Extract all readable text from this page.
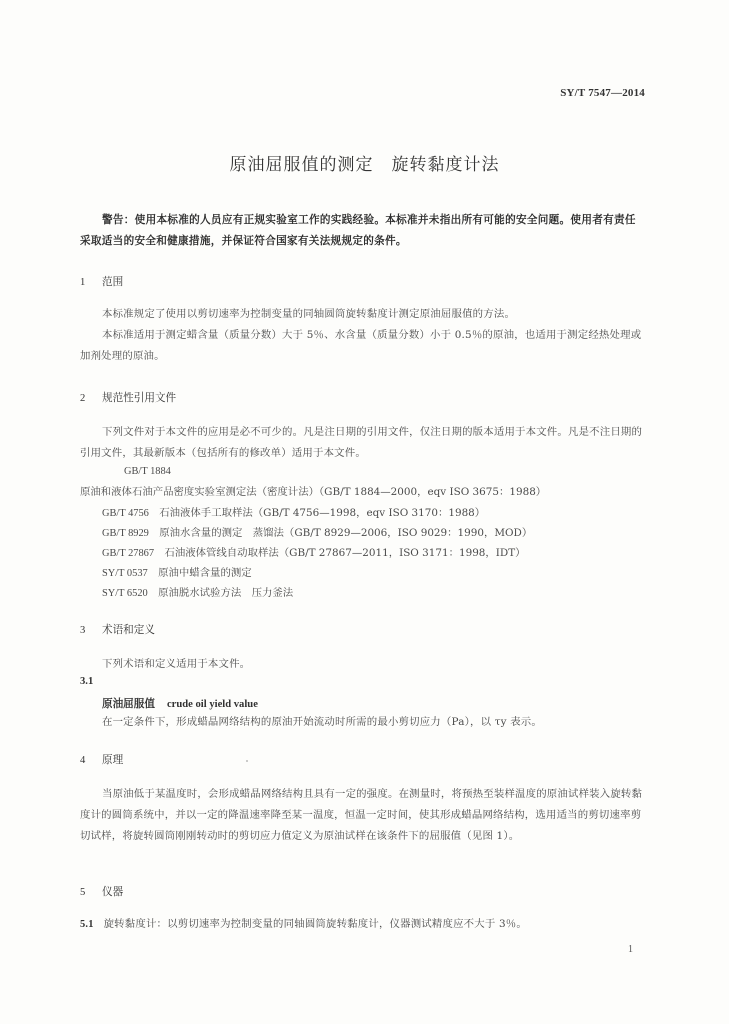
SY/T 7547—2014
原油屈服值的测定　旋转黏度计法
警告：使用本标准的人员应有正规实验室工作的实践经验。本标准并未指出所有可能的安全问题。使用者有责任采取适当的安全和健康措施，并保证符合国家有关法规规定的条件。
1 范围
本标准规定了使用以剪切速率为控制变量的同轴圆筒旋转黏度计测定原油屈服值的方法。
本标准适用于测定蜡含量（质量分数）大于 5％、水含量（质量分数）小于 0.5％的原油，也适用于测定经热处理或加剂处理的原油。
2 规范性引用文件
下列文件对于本文件的应用是必不可少的。凡是注日期的引用文件，仅注日期的版本适用于本文件。凡是不注日期的引用文件，其最新版本（包括所有的修改单）适用于本文件。
GB/T 1884　原油和液体石油产品密度实验室测定法（密度计法）（GB/T 1884—2000，eqv ISO 3675：1988）
GB/T 4756　 石油液体手工取样法（GB/T 4756—1998，eqv ISO 3170：1988）
GB/T 8929　 原油水含量的测定　蒸馏法（GB/T 8929—2006，ISO 9029：1990，MOD）
GB/T 27867　 石油液体管线自动取样法（GB/T 27867—2011，ISO 3171：1998，IDT）
SY/T 0537　 原油中蜡含量的测定
SY/T 6520　 原油脱水试验方法　压力釜法
3 术语和定义
下列术语和定义适用于本文件。
3.1
原油屈服值 crude oil yield value
在一定条件下，形成蜡晶网络结构的原油开始流动时所需的最小剪切应力（Pa），以 τy 表示。
4 原理
当原油低于某温度时，会形成蜡晶网络结构且具有一定的强度。在测量时，将预热至装样温度的原油试样装入旋转黏度计的圆筒系统中，并以一定的降温速率降至某一温度，恒温一定时间，使其形成蜡晶网络结构，选用适当的剪切速率剪切试样，将旋转圆筒刚刚转动时的剪切应力值定义为原油试样在该条件下的屈服值（见图 1）。
5 仪器
5.1 旋转黏度计：以剪切速率为控制变量的同轴圆筒旋转黏度计，仪器测试精度应不大于 3％。
1
